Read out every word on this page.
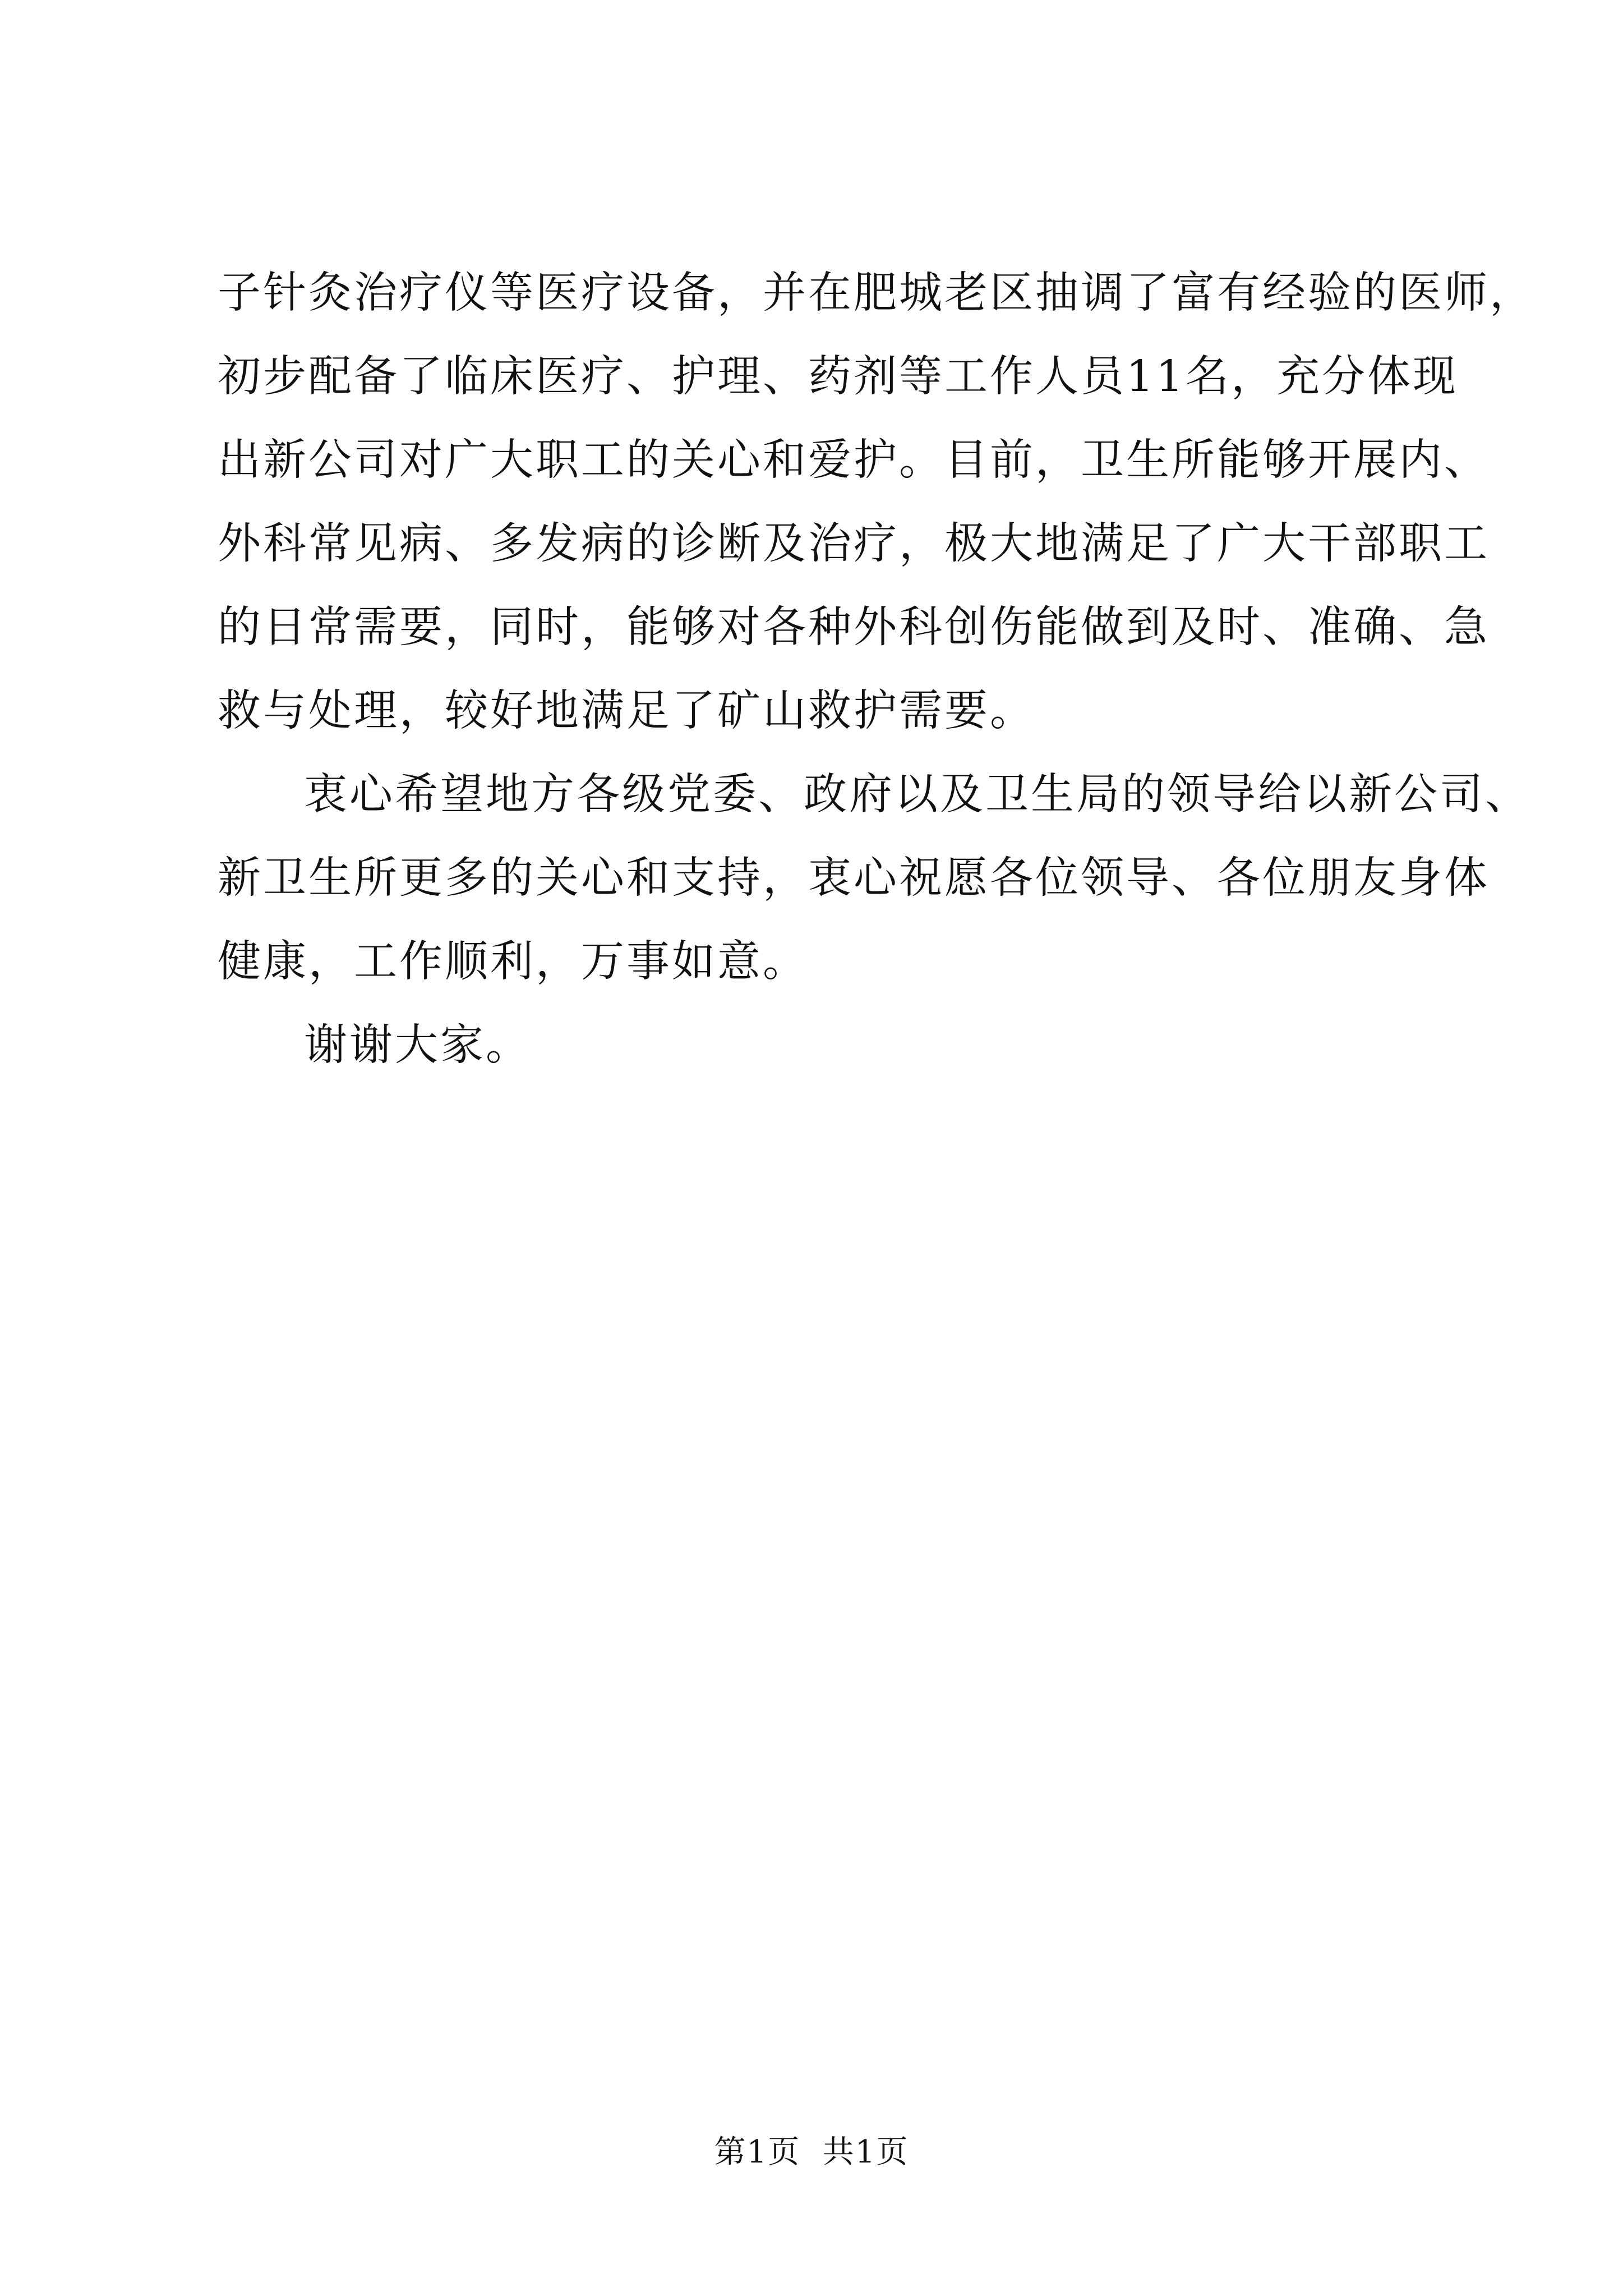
子针灸治疗仪等医疗设备，并在肥城老区抽调了富有经验的医师，
初步配备了临床医疗、护理、药剂等工作人员11名，充分体现
出新公司对广大职工的关心和爱护。目前，卫生所能够开展内、
外科常见病、多发病的诊断及治疗，极大地满足了广大干部职工
的日常需要，同时，能够对各种外科创伤能做到及时、准确、急
救与处理，较好地满足了矿山救护需要。

衷心希望地方各级党委、政府以及卫生局的领导给以新公司、
新卫生所更多的关心和支持，衷心祝愿各位领导、各位朋友身体
健康，工作顺利，万事如意。

谢谢大家。

第1页  共1页
